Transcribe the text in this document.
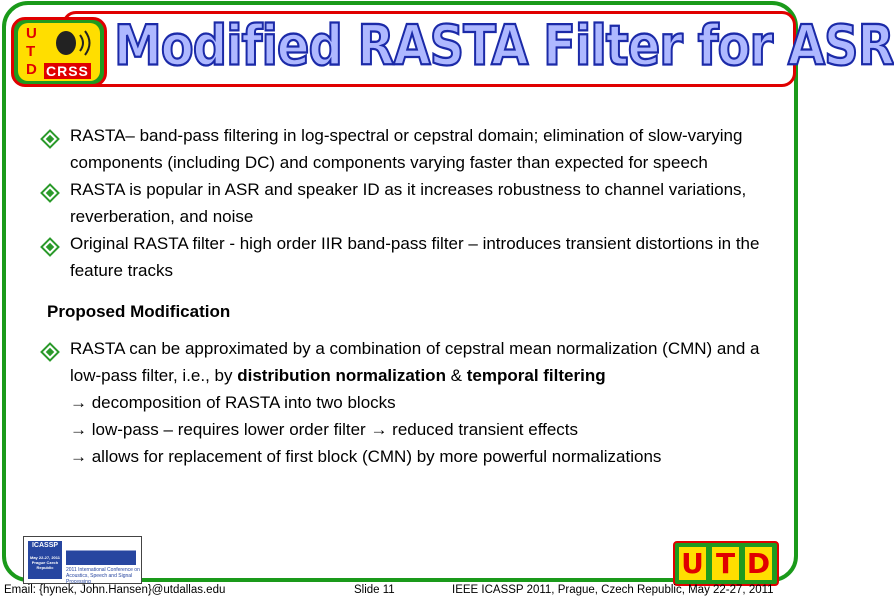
U
T
D CRSS Modified RASTA Filter for ASR
RASTA– band-pass filtering in log-spectral or cepstral domain; elimination of slow-varying components (including DC) and components varying faster than expected for speech
RASTA is popular in ASR and speaker ID as it increases robustness to channel variations, reverberation, and noise
Original RASTA filter - high order IIR band-pass filter – introduces transient distortions in the feature tracks
Proposed Modification
RASTA can be approximated by a combination of cepstral mean normalization (CMN) and a low-pass filter, i.e., by distribution normalization & temporal filtering
→ decomposition of RASTA into two blocks
→ low-pass – requires lower order filter → reduced transient effects
→ allows for replacement of first block (CMN) by more powerful normalizations
ICASSP
May 22-27, 2011 Prague Czech Republic	2011 International Conference on Acoustics, Speech and Signal Processing
U T D
Email: {hynek, John.Hansen}@utdallas.edu	Slide 11	IEEE ICASSP 2011, Prague, Czech Republic, May 22-27, 2011
